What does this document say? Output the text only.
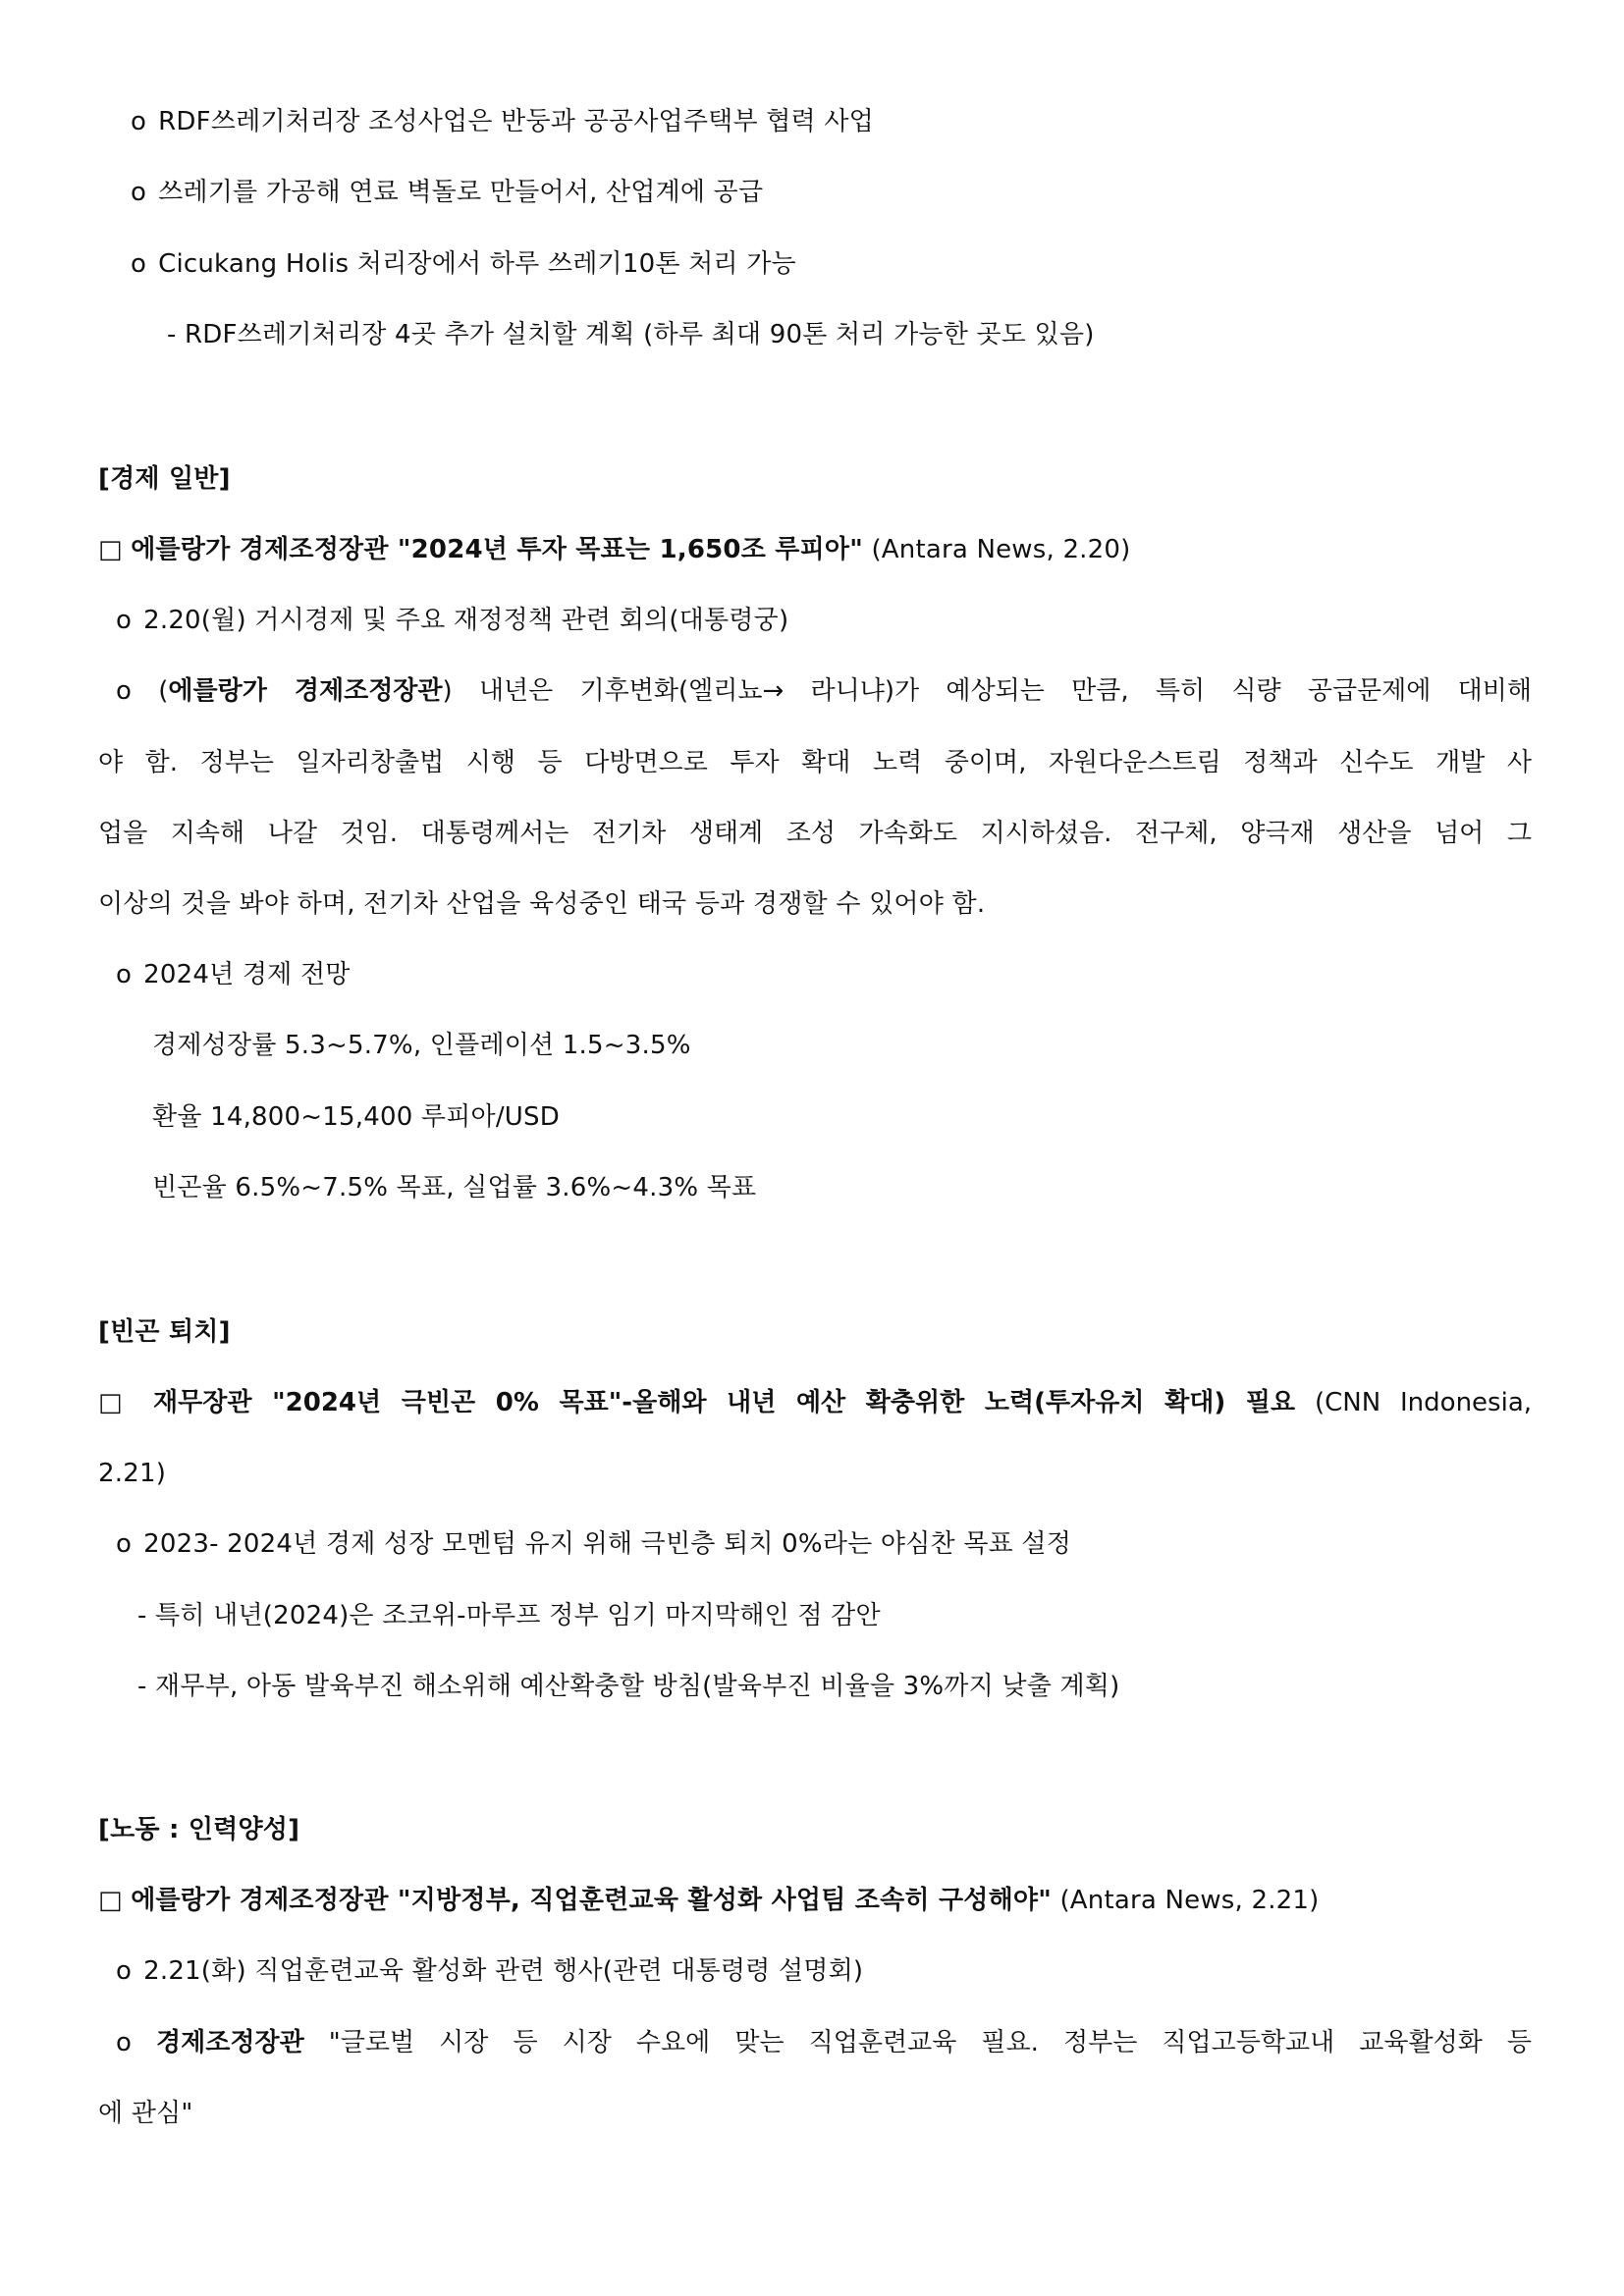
o RDF쓰레기처리장 조성사업은 반둥과 공공사업주택부 협력 사업
o 쓰레기를 가공해 연료 벽돌로 만들어서, 산업계에 공급
o Cicukang Holis 처리장에서 하루 쓰레기10톤 처리 가능
- RDF쓰레기처리장 4곳 추가 설치할 계획 (하루 최대 90톤 처리 가능한 곳도 있음)
[경제 일반]
□ 에를랑가 경제조정장관 "2024년 투자 목표는 1,650조 루피아" (Antara News, 2.20)
o 2.20(월) 거시경제 및 주요 재정정책 관련 회의(대통령궁)
o (에를랑가 경제조정장관) 내년은 기후변화(엘리뇨→ 라니냐)가 예상되는 만큼, 특히 식량 공급문제에 대비해
야 함. 정부는 일자리창출법 시행 등 다방면으로 투자 확대 노력 중이며, 자원다운스트림 정책과 신수도 개발 사
업을 지속해 나갈 것임. 대통령께서는 전기차 생태계 조성 가속화도 지시하셨음. 전구체, 양극재 생산을 넘어 그
이상의 것을 봐야 하며, 전기차 산업을 육성중인 태국 등과 경쟁할 수 있어야 함.
o 2024년 경제 전망
경제성장률 5.3~5.7%, 인플레이션 1.5~3.5%
환율 14,800~15,400 루피아/USD
빈곤율 6.5%~7.5% 목표, 실업률 3.6%~4.3% 목표
[빈곤 퇴치]
□ 재무장관 "2024년 극빈곤 0% 목표"-올해와 내년 예산 확충위한 노력(투자유치 확대) 필요 (CNN Indonesia,
2.21)
o 2023- 2024년 경제 성장 모멘텀 유지 위해 극빈층 퇴치 0%라는 야심찬 목표 설정
- 특히 내년(2024)은 조코위-마루프 정부 임기 마지막해인 점 감안
- 재무부, 아동 발육부진 해소위해 예산확충할 방침(발육부진 비율을 3%까지 낮출 계획)
[노동 : 인력양성]
□ 에를랑가 경제조정장관 "지방정부, 직업훈련교육 활성화 사업팀 조속히 구성해야" (Antara News, 2.21)
o 2.21(화) 직업훈련교육 활성화 관련 행사(관련 대통령령 설명회)
o 경제조정장관 "글로벌 시장 등 시장 수요에 맞는 직업훈련교육 필요. 정부는 직업고등학교내 교육활성화 등
에 관심"
